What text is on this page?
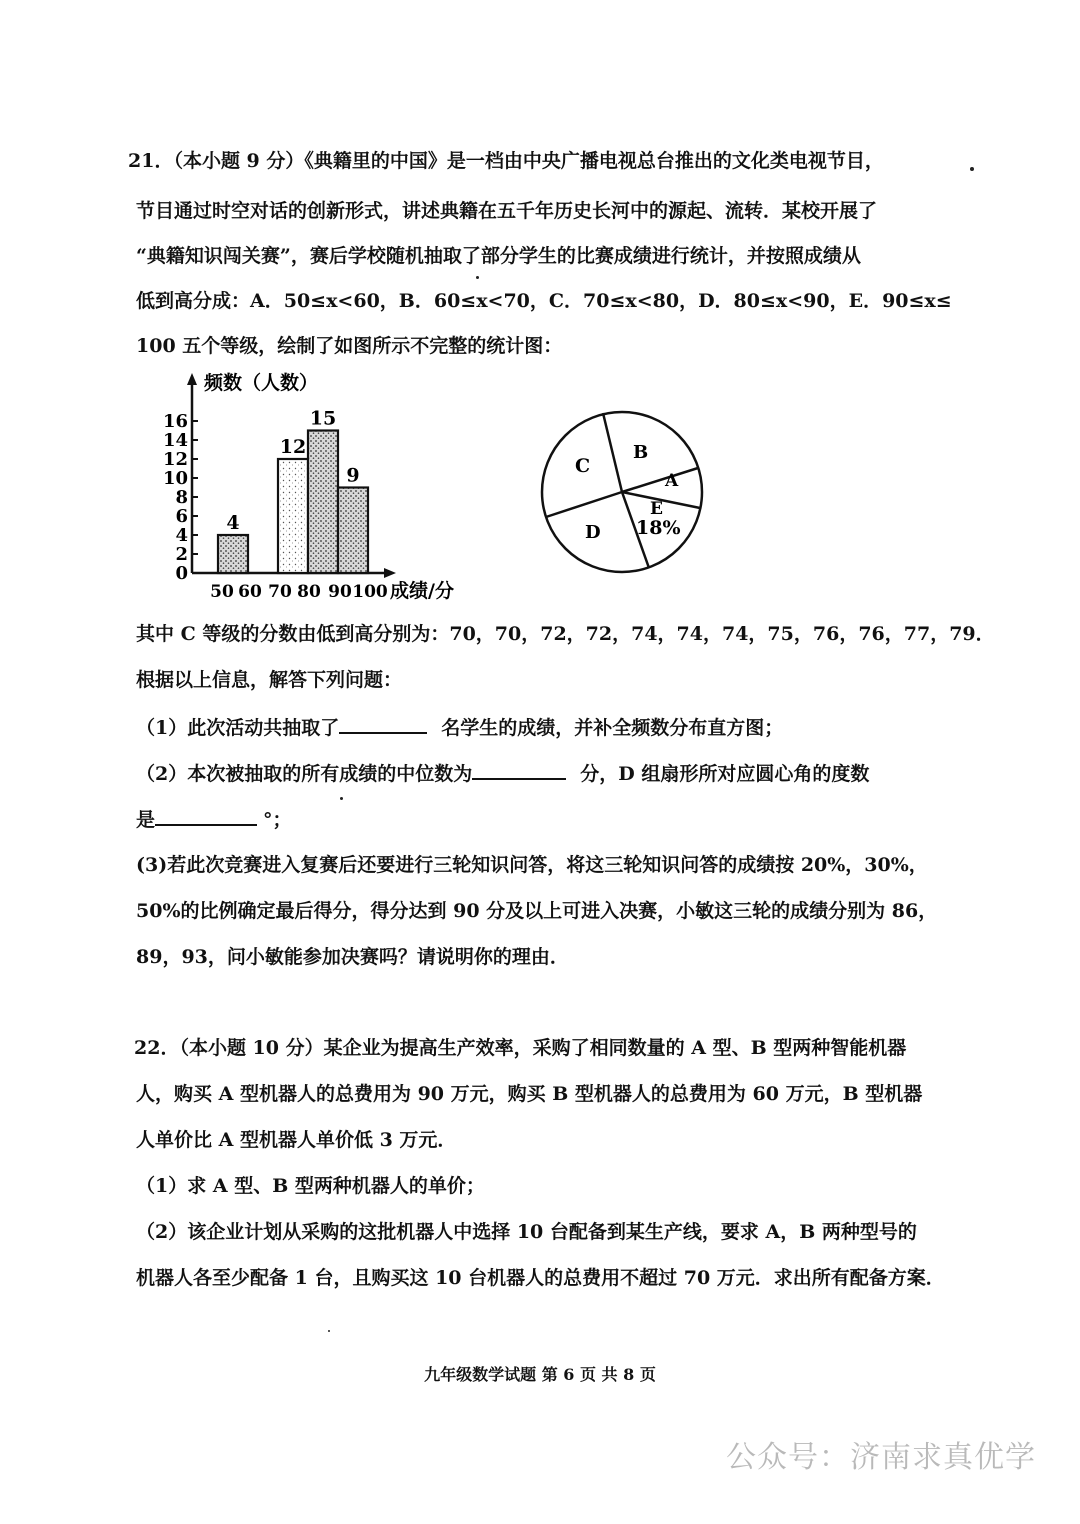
21．（本小题 9 分）《典籍里的中国》是一档由中央广播电视总台推出的文化类电视节目，
节目通过时空对话的创新形式，讲述典籍在五千年历史长河中的源起、流转．某校开展了
“典籍知识闯关赛”，赛后学校随机抽取了部分学生的比赛成绩进行统计，并按照成绩从
低到高分成：A．50≤x<60，B．60≤x<70，C．70≤x<80，D．80≤x<90，E．90≤x≤
100 五个等级，绘制了如图所示不完整的统计图：
0
2
4
6
8
10
12
14
16
频数（人数）
50 60 70 80 90 100 成绩/分
4
12
15
9	C
B
A
E
18%
D
其中 C 等级的分数由低到高分别为：70，70，72，72，74，74，74，75，76，76，77，79．
根据以上信息，解答下列问题：
（1）此次活动共抽取了	名学生的成绩，并补全频数分布直方图；
（2）本次被抽取的所有成绩的中位数为	分，D 组扇形所对应圆心角的度数
是	°；
(3)若此次竞赛进入复赛后还要进行三轮知识问答，将这三轮知识问答的成绩按 20%，30%，
50%的比例确定最后得分，得分达到 90 分及以上可进入决赛，小敏这三轮的成绩分别为 86，
89，93，问小敏能参加决赛吗？请说明你的理由．
22．（本小题 10 分）某企业为提高生产效率，采购了相同数量的 A 型、B 型两种智能机器
人，购买 A 型机器人的总费用为 90 万元，购买 B 型机器人的总费用为 60 万元，B 型机器
人单价比 A 型机器人单价低 3 万元．
（1）求 A 型、B 型两种机器人的单价；
（2）该企业计划从采购的这批机器人中选择 10 台配备到某生产线，要求 A，B 两种型号的
机器人各至少配备 1 台，且购买这 10 台机器人的总费用不超过 70 万元．求出所有配备方案．
九年级数学试题 第 6 页 共 8 页
公众号：济南求真优学
